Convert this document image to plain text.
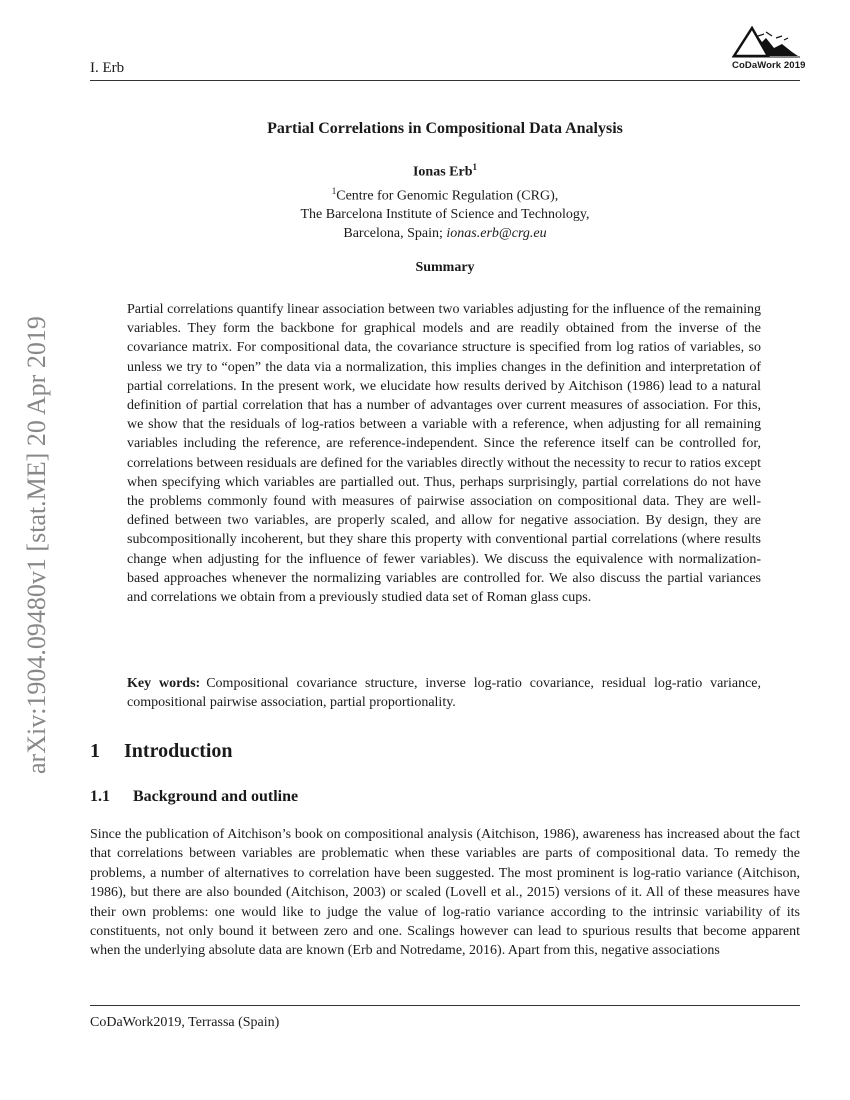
I. Erb	CoDaWork 2019
arXiv:1904.09480v1 [stat.ME] 20 Apr 2019
Partial Correlations in Compositional Data Analysis
Ionas Erb$^1$
$^1$Centre for Genomic Regulation (CRG),
The Barcelona Institute of Science and Technology,
Barcelona, Spain; ionas.erb@crg.eu
Summary
Partial correlations quantify linear association between two variables adjusting for the influence of the remaining variables. They form the backbone for graphical models and are readily obtained from the inverse of the covariance matrix. For compositional data, the covariance structure is specified from log ratios of variables, so unless we try to “open” the data via a normalization, this implies changes in the definition and interpretation of partial correlations. In the present work, we elucidate how results derived by Aitchison (1986) lead to a natural definition of partial correlation that has a number of advantages over current measures of association. For this, we show that the residuals of log-ratios between a variable with a reference, when adjusting for all remaining variables including the reference, are reference-independent. Since the reference itself can be controlled for, correlations between residuals are defined for the variables directly without the necessity to recur to ratios except when specifying which variables are partialled out. Thus, perhaps surprisingly, partial correlations do not have the problems commonly found with measures of pairwise association on compositional data. They are well-defined between two variables, are properly scaled, and allow for negative association. By design, they are subcompositionally incoherent, but they share this property with conventional partial correlations (where results change when adjusting for the influence of fewer variables). We discuss the equivalence with normalization-based approaches whenever the normalizing variables are controlled for. We also discuss the partial variances and correlations we obtain from a previously studied data set of Roman glass cups.
Key words: Compositional covariance structure, inverse log-ratio covariance, residual log-ratio variance, compositional pairwise association, partial proportionality.
1 Introduction
1.1 Background and outline
Since the publication of Aitchison’s book on compositional analysis (Aitchison, 1986), awareness has increased about the fact that correlations between variables are problematic when these variables are parts of compositional data. To remedy the problems, a number of alternatives to correlation have been suggested. The most prominent is log-ratio variance (Aitchison, 1986), but there are also bounded (Aitchison, 2003) or scaled (Lovell et al., 2015) versions of it. All of these measures have their own problems: one would like to judge the value of log-ratio variance according to the intrinsic variability of its constituents, not only bound it between zero and one. Scalings however can lead to spurious results that become apparent when the underlying absolute data are known (Erb and Notredame, 2016). Apart from this, negative associations
CoDaWork2019, Terrassa (Spain)
